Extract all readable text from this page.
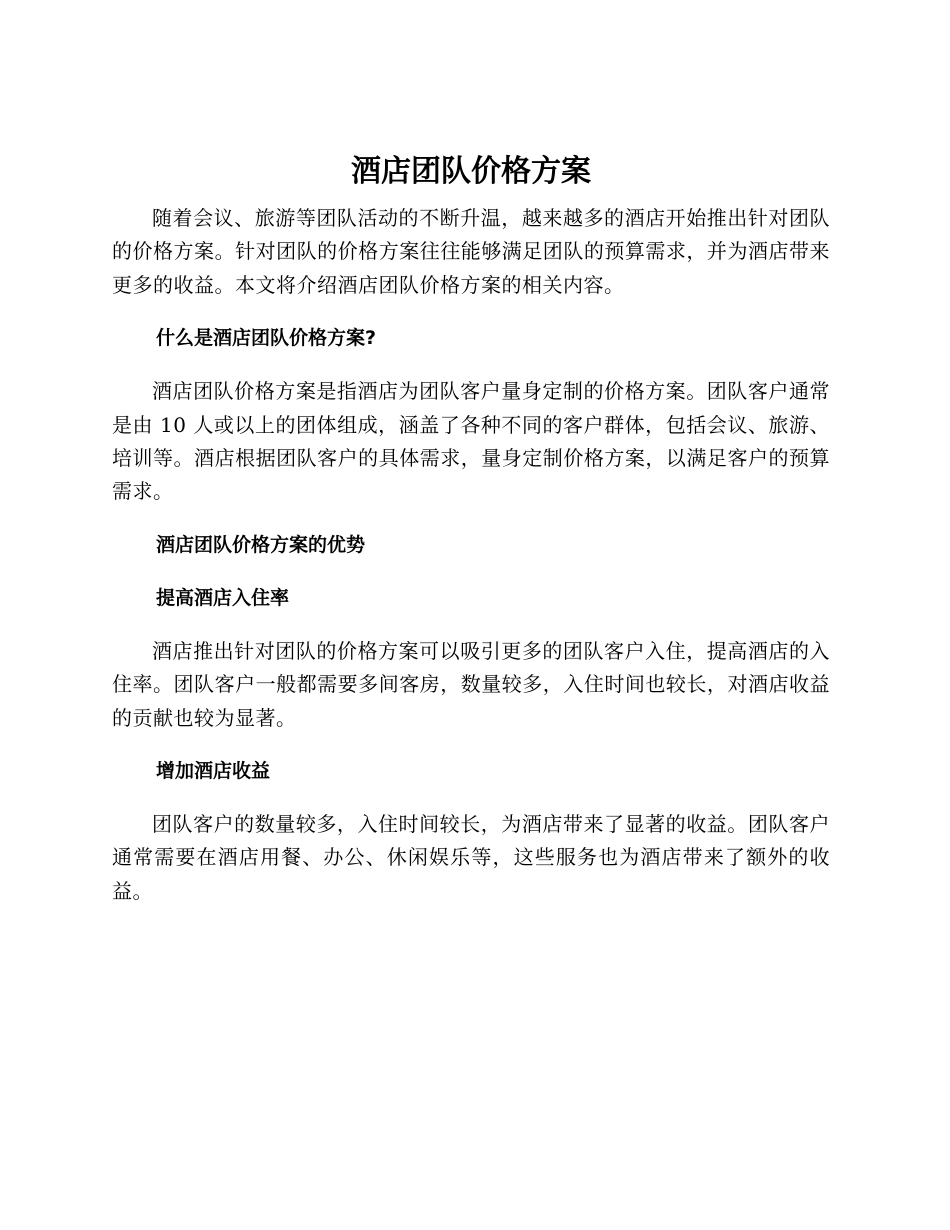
酒店团队价格方案

随着会议、旅游等团队活动的不断升温，越来越多的酒店开始推出针对团队的价格方案。针对团队的价格方案往往能够满足团队的预算需求，并为酒店带来更多的收益。本文将介绍酒店团队价格方案的相关内容。

什么是酒店团队价格方案?

酒店团队价格方案是指酒店为团队客户量身定制的价格方案。团队客户通常是由 10 人或以上的团体组成，涵盖了各种不同的客户群体，包括会议、旅游、培训等。酒店根据团队客户的具体需求，量身定制价格方案，以满足客户的预算需求。

酒店团队价格方案的优势
提高酒店入住率

酒店推出针对团队的价格方案可以吸引更多的团队客户入住，提高酒店的入住率。团队客户一般都需要多间客房，数量较多，入住时间也较长，对酒店收益的贡献也较为显著。

增加酒店收益

团队客户的数量较多，入住时间较长，为酒店带来了显著的收益。团队客户通常需要在酒店用餐、办公、休闲娱乐等，这些服务也为酒店带来了额外的收益。
